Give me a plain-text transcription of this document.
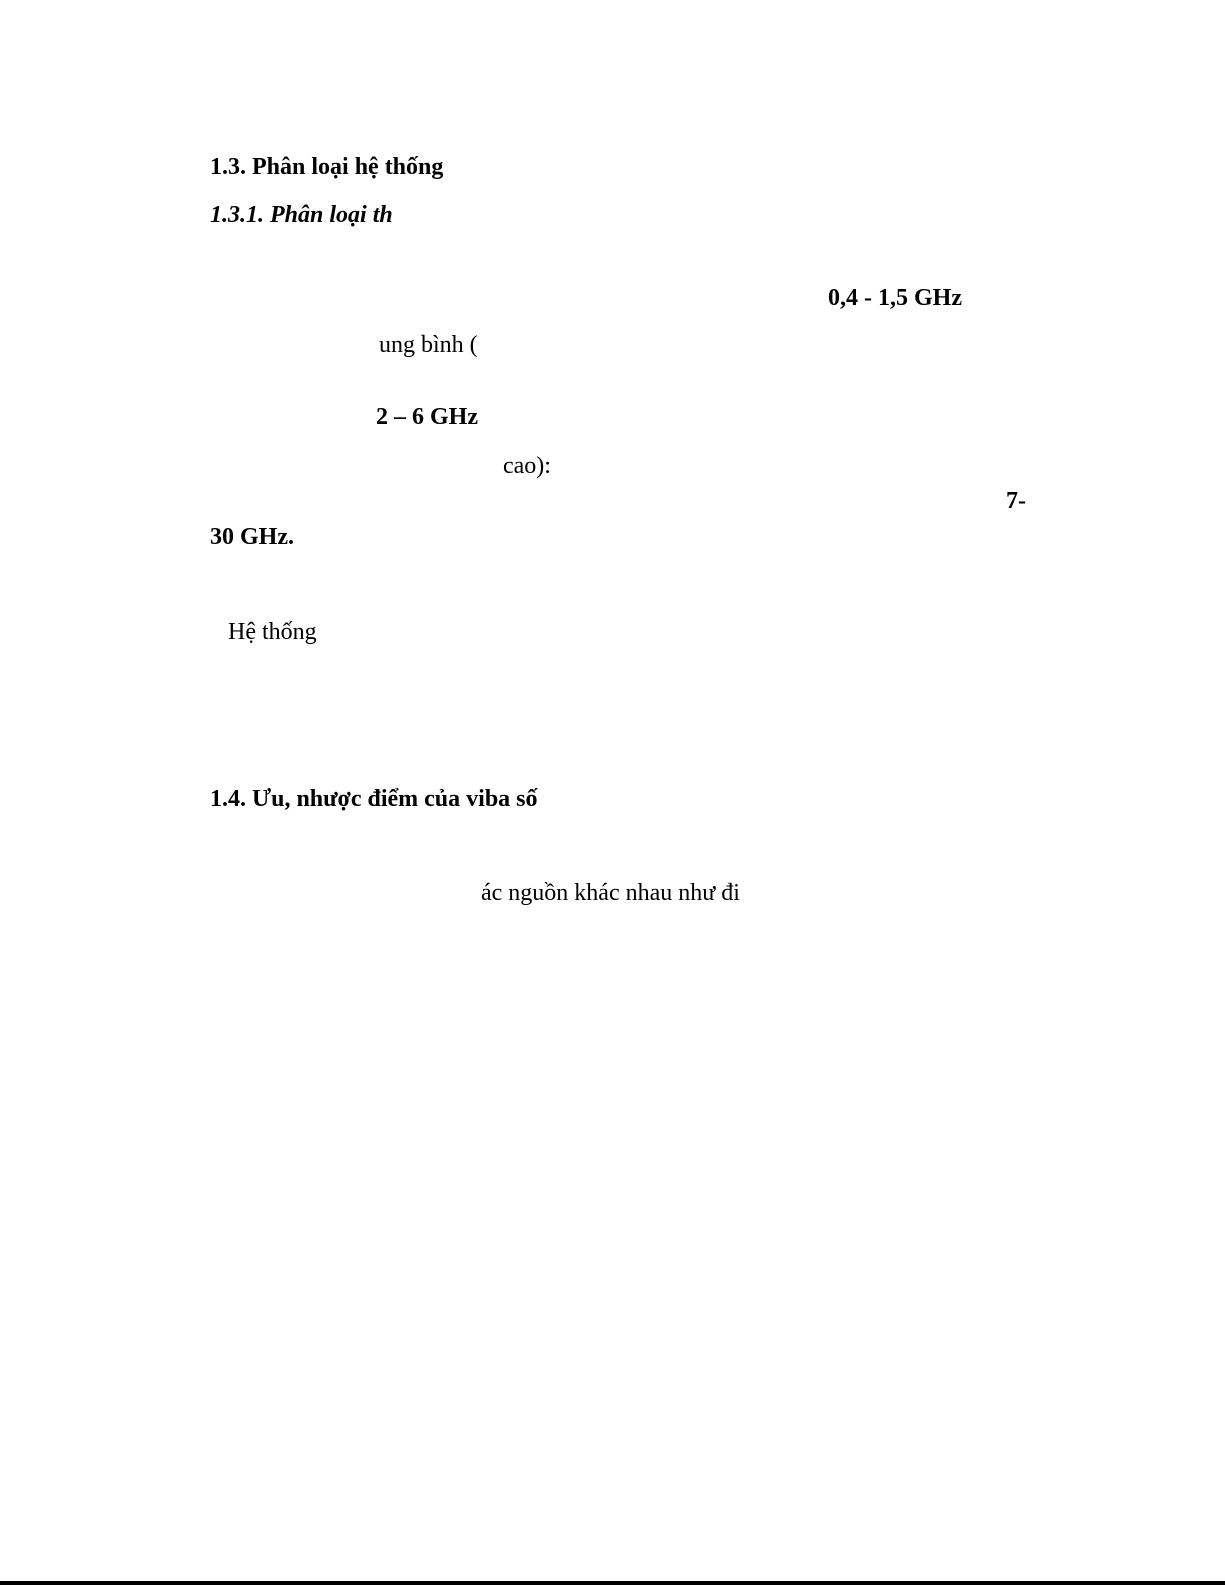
1.3. Phân loại hệ thống
1.3.1. Phân loại th
0,4 - 1,5 GHz
ung bình (
2 – 6 GHz
cao):
7-
30 GHz.
Hệ thống
1.4. Ưu, nhược điểm của viba số
ác nguồn khác nhau như đi
